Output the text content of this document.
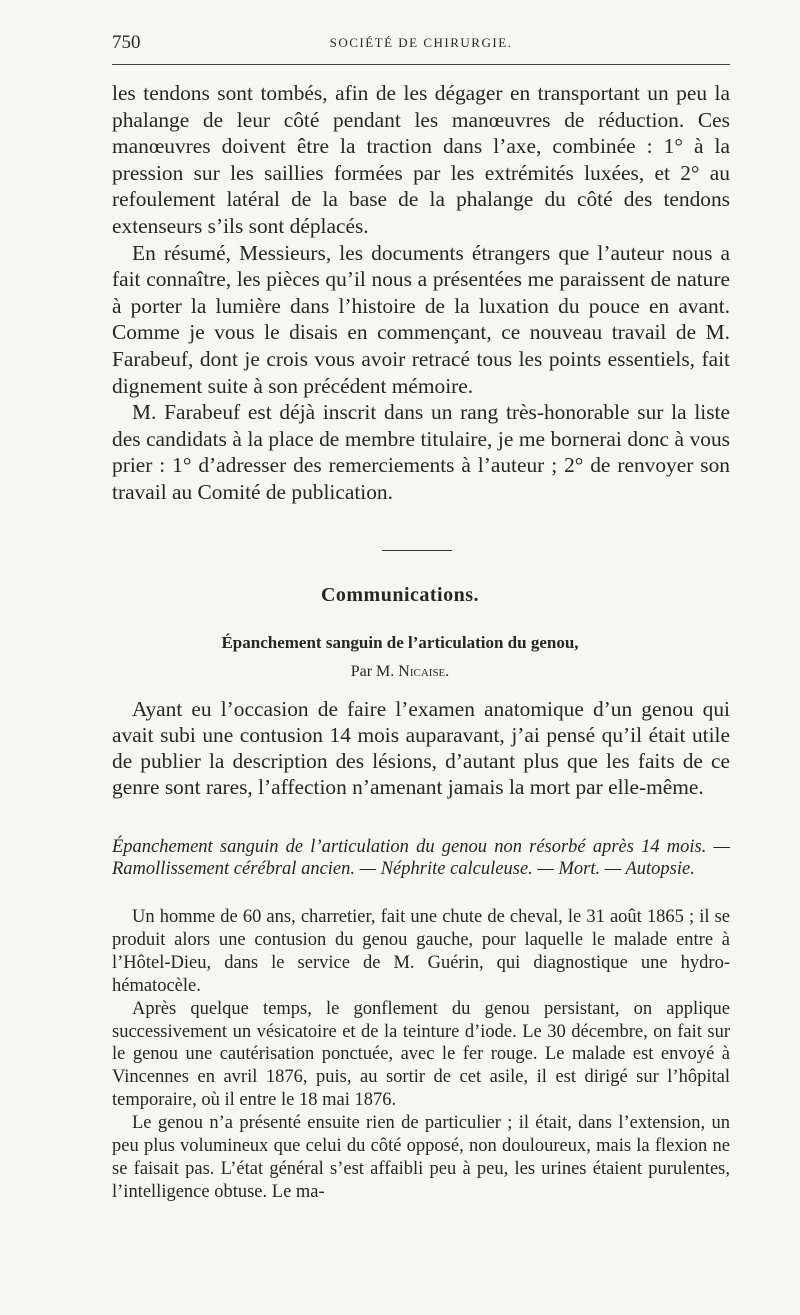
750	SOCIÉTÉ DE CHIRURGIE.

les tendons sont tombés, afin de les dégager en transportant un peu la phalange de leur côté pendant les manœuvres de réduction. Ces manœuvres doivent être la traction dans l’axe, combinée : 1° à la pression sur les saillies formées par les extrémités luxées, et 2° au refoulement latéral de la base de la phalange du côté des tendons extenseurs s’ils sont déplacés.

En résumé, Messieurs, les documents étrangers que l’auteur nous a fait connaître, les pièces qu’il nous a présentées me paraissent de nature à porter la lumière dans l’histoire de la luxation du pouce en avant. Comme je vous le disais en commençant, ce nouveau travail de M. Farabeuf, dont je crois vous avoir retracé tous les points essentiels, fait dignement suite à son précédent mémoire.

M. Farabeuf est déjà inscrit dans un rang très-honorable sur la liste des candidats à la place de membre titulaire, je me bornerai donc à vous prier : 1° d’adresser des remerciements à l’auteur ; 2° de renvoyer son travail au Comité de publication.

Communications.
Épanchement sanguin de l’articulation du genou,
Par M. Nicaise.

Ayant eu l’occasion de faire l’examen anatomique d’un genou qui avait subi une contusion 14 mois auparavant, j’ai pensé qu’il était utile de publier la description des lésions, d’autant plus que les faits de ce genre sont rares, l’affection n’amenant jamais la mort par elle-même.

Épanchement sanguin de l’articulation du genou non résorbé après 14 mois. — Ramollissement cérébral ancien. — Néphrite calculeuse. — Mort. — Autopsie.

Un homme de 60 ans, charretier, fait une chute de cheval, le 31 août 1865 ; il se produit alors une contusion du genou gauche, pour laquelle le malade entre à l’Hôtel-Dieu, dans le service de M. Guérin, qui diagnostique une hydro-hématocèle.

Après quelque temps, le gonflement du genou persistant, on applique successivement un vésicatoire et de la teinture d’iode. Le 30 décembre, on fait sur le genou une cautérisation ponctuée, avec le fer rouge. Le malade est envoyé à Vincennes en avril 1876, puis, au sortir de cet asile, il est dirigé sur l’hôpital temporaire, où il entre le 18 mai 1876.

Le genou n’a présenté ensuite rien de particulier ; il était, dans l’extension, un peu plus volumineux que celui du côté opposé, non douloureux, mais la flexion ne se faisait pas. L’état général s’est affaibli peu à peu, les urines étaient purulentes, l’intelligence obtuse. Le ma-
